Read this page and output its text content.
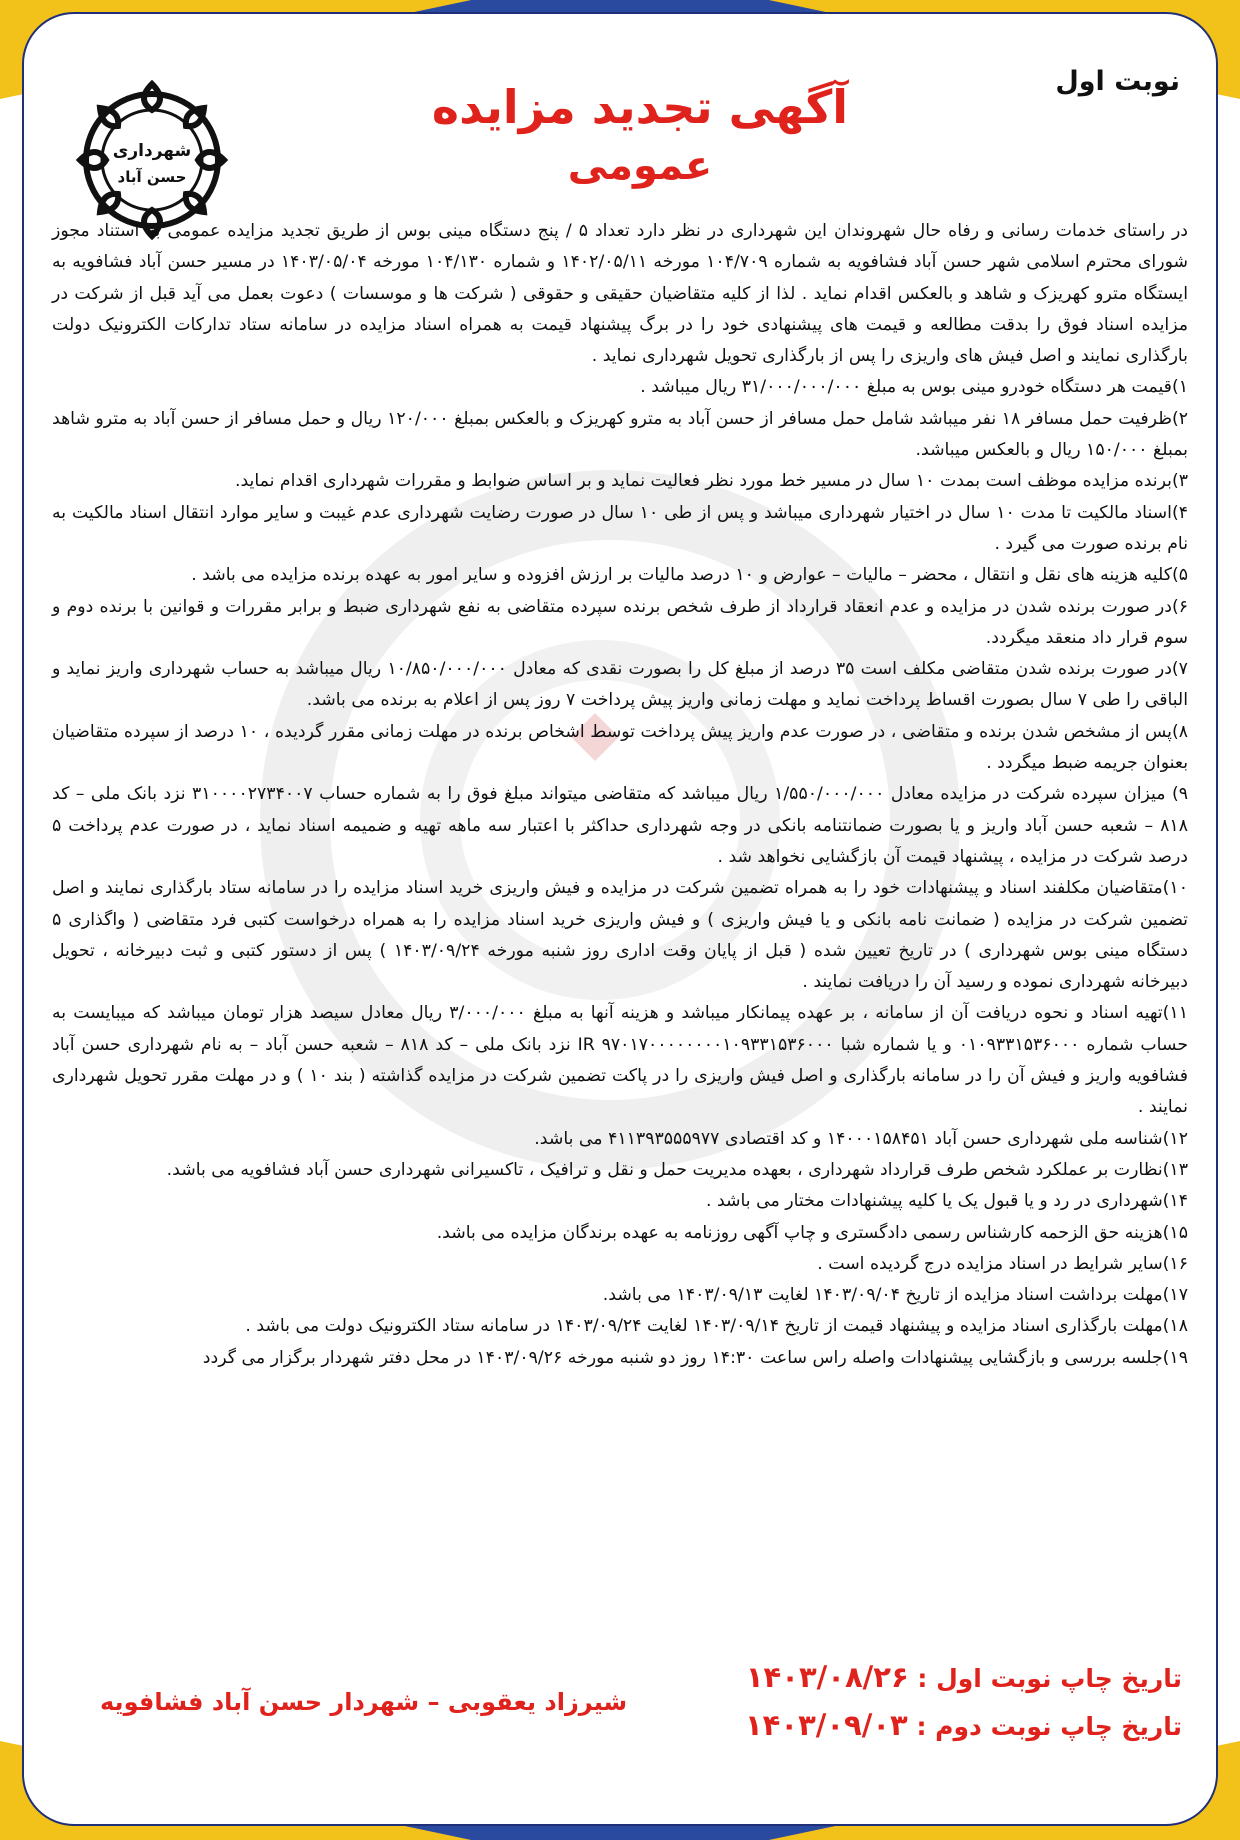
نوبت اول
آگهی تجدید مزایده
عمومی
شهرداری
حسن آباد

در راستای خدمات رسانی و رفاه حال شهروندان این شهرداری در نظر دارد تعداد ۵ / پنج دستگاه مینی بوس از طریق تجدید مزایده عمومی به استناد مجوز شورای محترم اسلامی شهر حسن آباد فشافویه به شماره ۱۰۴/۷۰۹ مورخه ۱۴۰۲/۰۵/۱۱ و شماره ۱۰۴/۱۳۰ مورخه ۱۴۰۳/۰۵/۰۴ در مسیر حسن آباد فشافویه به ایستگاه مترو کهریزک و شاهد و بالعکس اقدام نماید . لذا از کلیه متقاضیان حقیقی و حقوقی ( شرکت ها و موسسات ) دعوت بعمل می آید قبل از شرکت در مزایده اسناد فوق را بدقت مطالعه و قیمت های پیشنهادی خود را در برگ پیشنهاد قیمت به همراه اسناد مزایده در سامانه ستاد تدارکات الکترونیک دولت بارگذاری نمایند و اصل فیش های واریزی را پس از بارگذاری تحویل شهرداری نماید .

۱)قیمت هر دستگاه خودرو مینی بوس به مبلغ ۳۱/۰۰۰/۰۰۰/۰۰۰ ریال میباشد .

۲)ظرفیت حمل مسافر ۱۸ نفر میباشد شامل حمل مسافر از حسن آباد به مترو کهریزک و بالعکس بمبلغ ۱۲۰/۰۰۰ ریال و حمل مسافر از حسن آباد به مترو شاهد بمبلغ ۱۵۰/۰۰۰ ریال و بالعکس میباشد.

۳)برنده مزایده موظف است بمدت ۱۰ سال در مسیر خط مورد نظر فعالیت نماید و بر اساس ضوابط و مقررات شهرداری اقدام نماید.

۴)اسناد مالکیت تا مدت ۱۰ سال در اختیار شهرداری میباشد و پس از طی ۱۰ سال در صورت رضایت شهرداری عدم غیبت و سایر موارد انتقال اسناد مالکیت به نام برنده صورت می گیرد .

۵)کلیه هزینه های نقل و انتقال ، محضر – مالیات – عوارض و ۱۰ درصد مالیات بر ارزش افزوده و سایر امور به عهده برنده مزایده می باشد .

۶)در صورت برنده شدن در مزایده و عدم انعقاد قرارداد از طرف شخص برنده سپرده متقاضی به نفع شهرداری ضبط و برابر مقررات و قوانین با برنده دوم و سوم قرار داد منعقد میگردد.

۷)در صورت برنده شدن متقاضی مکلف است ۳۵ درصد از مبلغ کل را بصورت نقدی که معادل ۱۰/۸۵۰/۰۰۰/۰۰۰ ریال میباشد به حساب شهرداری واریز نماید و الباقی را طی ۷ سال بصورت اقساط پرداخت نماید و مهلت زمانی واریز پیش پرداخت ۷ روز پس از اعلام به برنده می باشد.

۸)پس از مشخص شدن برنده و متقاضی ، در صورت عدم واریز پیش پرداخت توسط اشخاص برنده در مهلت زمانی مقرر گردیده ، ۱۰ درصد از سپرده متقاضیان بعنوان جریمه ضبط میگردد .

۹) میزان سپرده شرکت در مزایده معادل ۱/۵۵۰/۰۰۰/۰۰۰ ریال میباشد که متقاضی میتواند مبلغ فوق را به شماره حساب ۳۱۰۰۰۰۲۷۳۴۰۰۷ نزد بانک ملی – کد ۸۱۸ – شعبه حسن آباد واریز و یا بصورت ضمانتنامه بانکی در وجه شهرداری حداکثر با اعتبار سه ماهه تهیه و ضمیمه اسناد نماید ، در صورت عدم پرداخت ۵ درصد شرکت در مزایده ، پیشنهاد قیمت آن بازگشایی نخواهد شد .

۱۰)متقاضیان مکلفند اسناد و پیشنهادات خود را به همراه تضمین شرکت در مزایده و فیش واریزی خرید اسناد مزایده را در سامانه ستاد بارگذاری نمایند و اصل تضمین شرکت در مزایده ( ضمانت نامه بانکی و یا فیش واریزی ) و فیش واریزی خرید اسناد مزایده را به همراه درخواست کتبی فرد متقاضی ( واگذاری ۵ دستگاه مینی بوس شهرداری ) در تاریخ تعیین شده ( قبل از پایان وقت اداری روز شنبه مورخه ۱۴۰۳/۰۹/۲۴ ) پس از دستور کتبی و ثبت دبیرخانه ، تحویل دبیرخانه شهرداری نموده و رسید آن را دریافت نمایند .

۱۱)تهیه اسناد و نحوه دریافت آن از سامانه ، بر عهده پیمانکار میباشد و هزینه آنها به مبلغ ۳/۰۰۰/۰۰۰ ریال معادل سیصد هزار تومان میباشد که میبایست به حساب شماره ۰۱۰۹۳۳۱۵۳۶۰۰۰ و یا شماره شبا IR ۹۷۰۱۷۰۰۰۰۰۰۰۰۱۰۹۳۳۱۵۳۶۰۰۰ نزد بانک ملی – کد ۸۱۸ – شعبه حسن آباد – به نام شهرداری حسن آباد فشافویه واریز و فیش آن را در سامانه بارگذاری و اصل فیش واریزی را در پاکت تضمین شرکت در مزایده گذاشته ( بند ۱۰ ) و در مهلت مقرر تحویل شهرداری نمایند .

۱۲)شناسه ملی شهرداری حسن آباد ۱۴۰۰۰۱۵۸۴۵۱ و کد اقتصادی ۴۱۱۳۹۳۵۵۵۹۷۷ می باشد.

۱۳)نظارت بر عملکرد شخص طرف قرارداد شهرداری ، بعهده مدیریت حمل و نقل و ترافیک ، تاکسیرانی شهرداری حسن آباد فشافویه می باشد.

۱۴)شهرداری در رد و یا قبول یک یا کلیه پیشنهادات مختار می باشد .

۱۵)هزینه حق الزحمه کارشناس رسمی دادگستری و چاپ آگهی روزنامه به عهده برندگان مزایده می باشد.

۱۶)سایر شرایط در اسناد مزایده درج گردیده است .

۱۷)مهلت برداشت اسناد مزایده از تاریخ ۱۴۰۳/۰۹/۰۴ لغایت ۱۴۰۳/۰۹/۱۳ می باشد.

۱۸)مهلت بارگذاری اسناد مزایده و پیشنهاد قیمت از تاریخ ۱۴۰۳/۰۹/۱۴ لغایت ۱۴۰۳/۰۹/۲۴ در سامانه ستاد الکترونیک دولت می باشد .

۱۹)جلسه بررسی و بازگشایی پیشنهادات واصله راس ساعت ۱۴:۳۰ روز دو شنبه مورخه ۱۴۰۳/۰۹/۲۶ در محل دفتر شهردار برگزار می گردد

تاریخ چاپ نوبت اول : ۱۴۰۳/۰۸/۲۶
تاریخ چاپ نوبت دوم : ۱۴۰۳/۰۹/۰۳
شیرزاد یعقوبی – شهردار حسن آباد فشافویه
